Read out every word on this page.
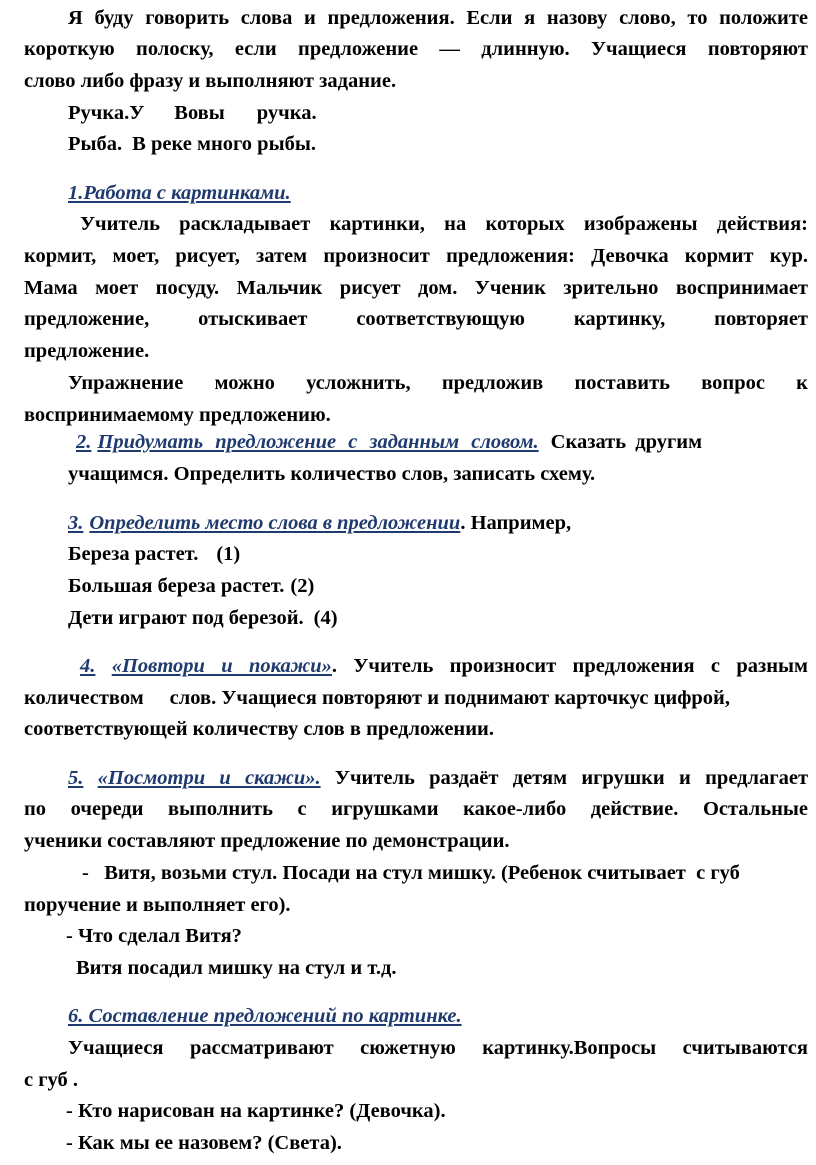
Я буду говорить слова и предложения. Если я назову слово, то положите
короткую полоску, если предложение — длинную. Учащиеся повторяют
слово либо фразу и выполняют задание.
Ручка.У Вовы ручка.
Рыба. В реке много рыбы.
1.Работа с картинками.
Учитель раскладывает картинки, на которых изображены действия:
кормит, моет, рисует, затем произносит предложения: Девочка кормит кур.
Мама моет посуду. Мальчик рисует дом. Ученик зрительно воспринимает
предложение, отыскивает соответствующую картинку, повторяет
предложение.
Упражнение можно усложнить, предложив поставить вопрос к
воспринимаемому предложению.
2. Придумать предложение с заданным словом. Сказать другим
учащимся. Определить количество слов, записать схему.
3. Определить место слова в предложении. Например,
Береза растет. (1)
Большая береза растет. (2)
Дети играют под березой. (4)
4. «Повтори и покажи». Учитель произносит предложения с разным
количеством слов. Учащиеся повторяют и поднимают карточкус цифрой,
соответствующей количеству слов в предложении.
5. «Посмотри и скажи». Учитель раздаёт детям игрушки и предлагает
по очереди выполнить с игрушками какое-либо действие. Остальные
ученики составляют предложение по демонстрации.
-   Витя, возьми стул. Посади на стул мишку. (Ребенок считывает  с губ
поручение и выполняет его).
- Что сделал Витя?
Витя посадил мишку на стул и т.д.
6. Составление предложений по картинке.
Учащиеся рассматривают сюжетную картинку.Вопросы считываются
с губ .
- Кто нарисован на картинке? (Девочка).
- Как мы ее назовем? (Света).
